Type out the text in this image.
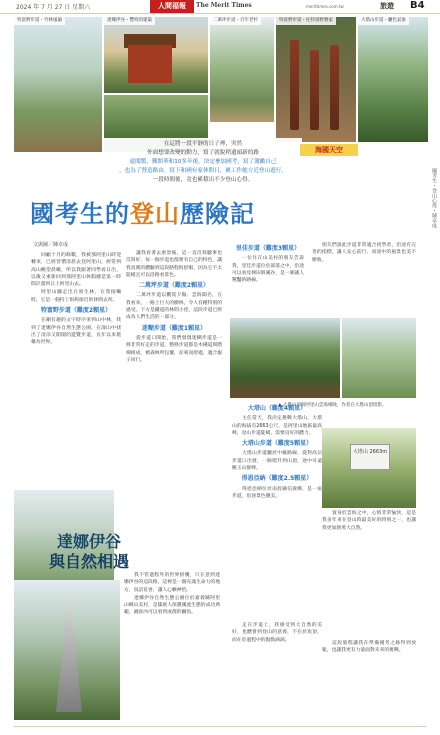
2024 年 7 月 27 日 星期六	人間福報	The Merit Times	merittimes.com.tw	旅遊 B4
特富野步道・竹林風韻	達娜伊谷・豐特的建築	二萬坪步道・百年老杉	特富野步道・往特富野雅家	大塔山步道・驪色氣象

在這將一段平靜的日子裡，突然

外面想要改變的動力，寫了就脫稍遺頭新的路

遠聞驚，難開華和10多年後，決定參加國考，寫了激勵自己

，也為了營造路由，寫下和國有家休假日，累工作她方近登山遊行，

一段時間後，竟也累積出不少登山心得。

海國天空
國考生・登山心得・陳卓成
國考生的登山歷險記
文與圖／陳卓成

回顧十月的餘數，我被那阿里山時迎轉來，已經習慣清晨去登阿里山，經常到高山眺望晨曦，所以我跟著同學看日出，以後又重新回到那阿里山休假總是第一時間計畫到日上阿里山去。

阿里山腳走出在原生林，在我接觸時，它是一個持上很夠接近的休閒去所。

特富野步道（難度2顆星）

在剛有趣的文字時序來到山中林，我到了達娜伊谷自然生態公園，在深山中找出了清涼又開闊的遊覽步道，長年以來堪稱為世界。

讓我看著去重景後，這一直沒寫聽事也沒寫好，每一個步道也都要有自己的特色，讓我真實的體驗到這段路程很舒服，因為它不太陡峭且可以沿路看景色。

二萬坪步道（難度2顆星）

二萬坪步道以觀賞夕陽、雲海聞名，在我看來，一路上巨大的樹林，令人有種特別的感受。下方是鐵道的林間小徑，這段步道已經成為人們生活的一部分。

迷糊步道（難度1顆星）

從步道口開始，我們發現迷糊步道是一條非常好走的步道，整條步道都是木棧道與階梯組成，被森林所包覆，涼爽而舒適，適合親子同行。

里佳步道（難度3顆星）

一位住在山美村的朋友告訴我，里佳步道位於部落之中，沿途可以看見梯田與溪谷，是一條讓人驚豔的路線。

朋友們說此步道非常適合初學者，沿途有完善的指標，讓人安心前行，而途中的風景也美不勝收。

▲ 大塔山頂與阿里山雲海相映，作者在大塔山頂留影。
大塔山（難度4顆星）

主任當天，我決定挑戰大塔山，大塔山的海拔有2663公尺，是阿里山地區最高峰，登山步道陡峭，需要良好的體力。

大塔山步道（難度5顆星）

大塔山步道屬於中級路線，從對高岳步道口出發，一路爬升到山頂，途中可遠眺玉山群峰。

得恩亞納（難度2.5顆星）

得恩亞納位於南投縣信義鄉，是一座步道，沿途景色優美。

大塔山 2663m

置身於雲海之中，心情非常愉快，這是我多年來在登山時最美好的時刻之一，也讓我更加熱愛大自然。

達娜伊谷
與自然相遇

我不管過程外的世界紛擾，只在意到達娜伊谷的這段路，這裡是一個充滿生命力的地方，鳥語花香，讓人心曠神怡。

達娜伊谷自然生態公園位於嘉義縣阿里山鄉山美村，是鄒族人保護溪流生態的成功典範，園區內可以看到成群的鯝魚。

走在步道上，我感受到大自然的美好，也體會到登山的意義，不在於攻頂，而在於過程中的點點滴滴。

這段旅程讓我在準備國考之餘得到放鬆，也讓我更有力量面對未來的挑戰。
